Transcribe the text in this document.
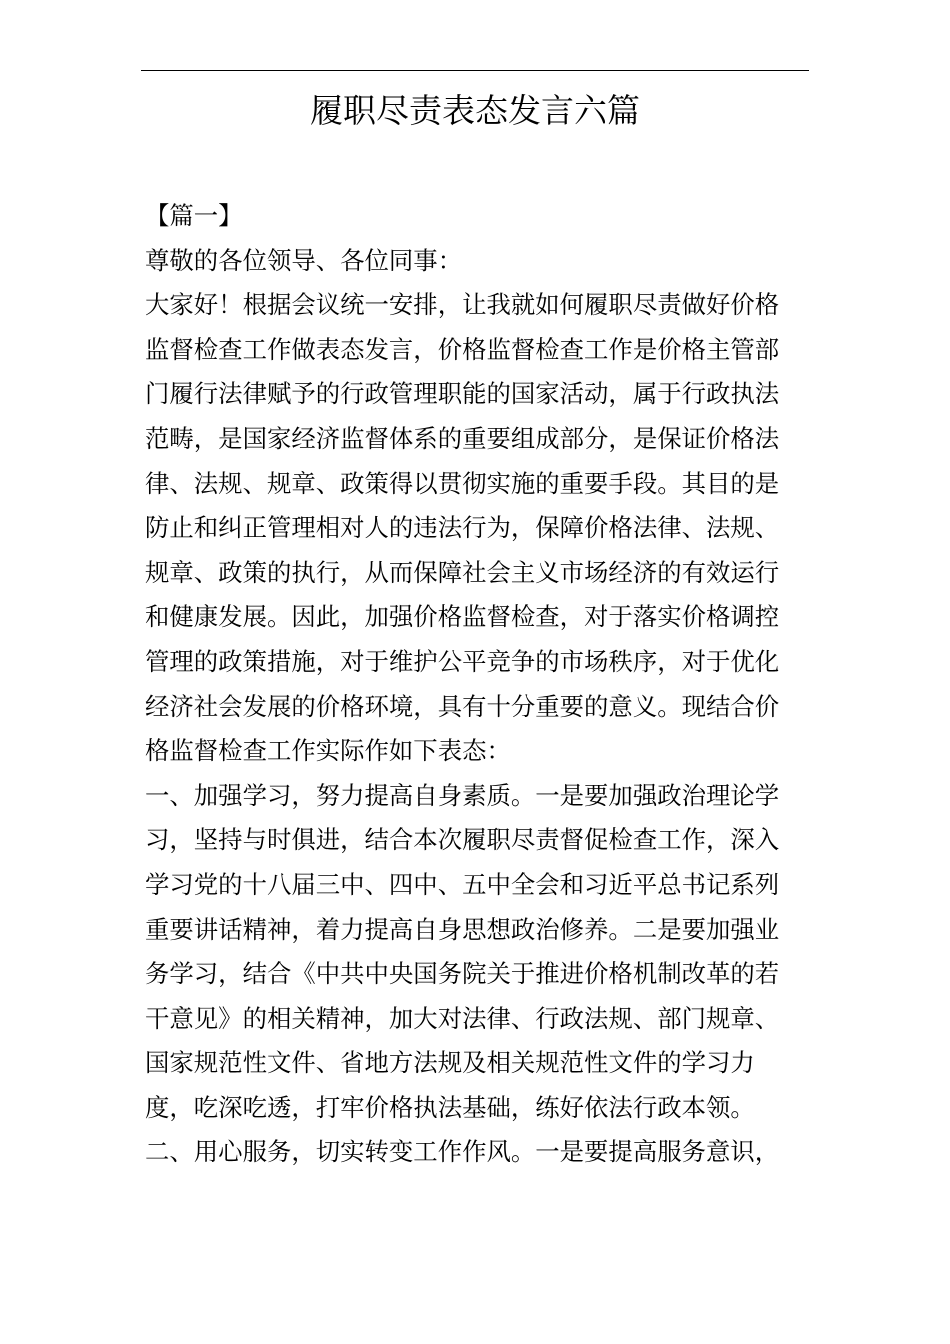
履职尽责表态发言六篇
【篇一】
尊敬的各位领导、各位同事：
大家好！根据会议统一安排，让我就如何履职尽责做好价格
监督检查工作做表态发言，价格监督检查工作是价格主管部
门履行法律赋予的行政管理职能的国家活动，属于行政执法
范畴，是国家经济监督体系的重要组成部分，是保证价格法
律、法规、规章、政策得以贯彻实施的重要手段。其目的是
防止和纠正管理相对人的违法行为，保障价格法律、法规、
规章、政策的执行，从而保障社会主义市场经济的有效运行
和健康发展。因此，加强价格监督检查，对于落实价格调控
管理的政策措施，对于维护公平竞争的市场秩序，对于优化
经济社会发展的价格环境，具有十分重要的意义。现结合价
格监督检查工作实际作如下表态：
一、加强学习，努力提高自身素质。一是要加强政治理论学
习，坚持与时俱进，结合本次履职尽责督促检查工作，深入
学习党的十八届三中、四中、五中全会和习近平总书记系列
重要讲话精神，着力提高自身思想政治修养。二是要加强业
务学习，结合《中共中央国务院关于推进价格机制改革的若
干意见》的相关精神，加大对法律、行政法规、部门规章、
国家规范性文件、省地方法规及相关规范性文件的学习力
度，吃深吃透，打牢价格执法基础，练好依法行政本领。
二、用心服务，切实转变工作作风。一是要提高服务意识，
